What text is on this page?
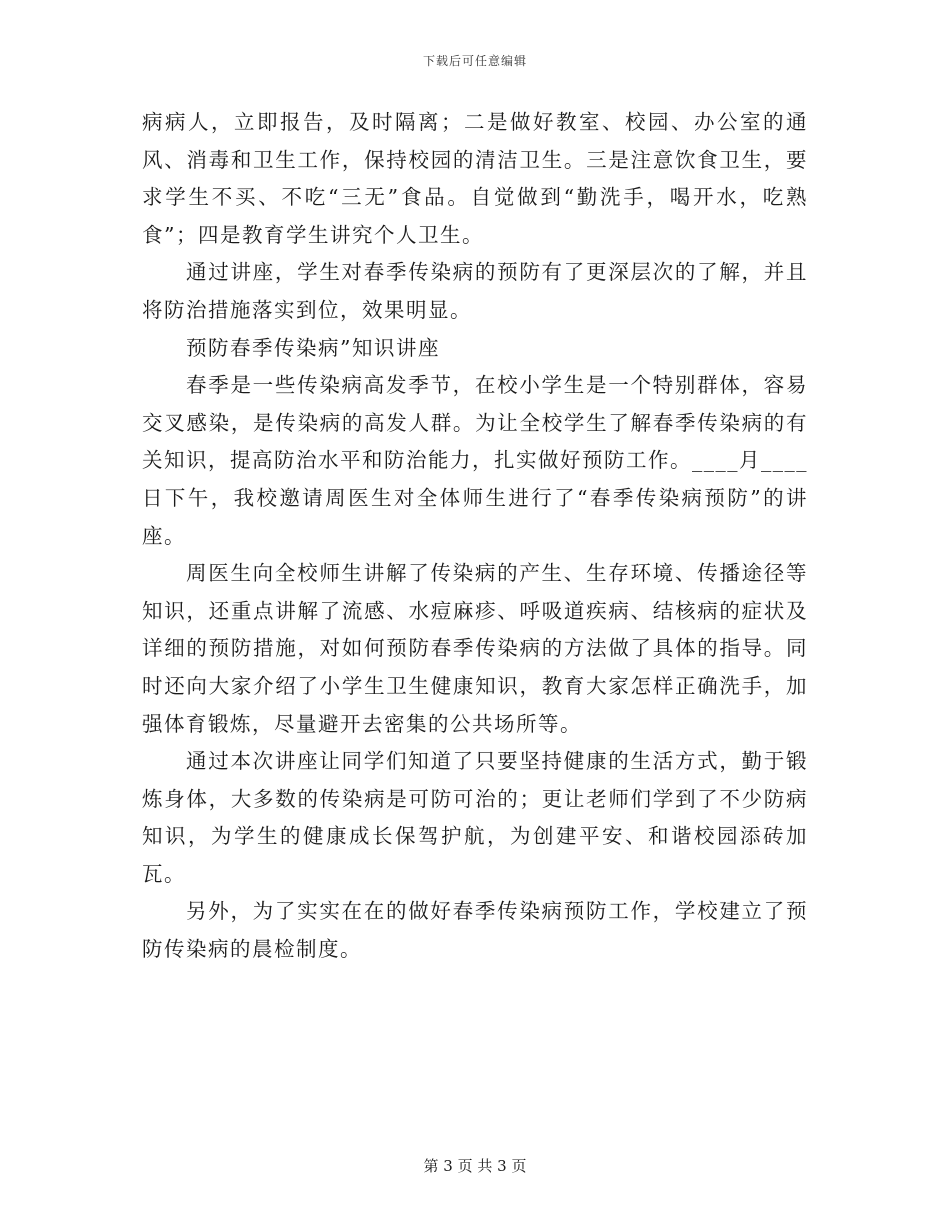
下载后可任意编辑

病病人，立即报告，及时隔离；二是做好教室、校园、办公室的通风、消毒和卫生工作，保持校园的清洁卫生。三是注意饮食卫生，要求学生不买、不吃“三无”食品。自觉做到“勤洗手，喝开水，吃熟食”；四是教育学生讲究个人卫生。

通过讲座，学生对春季传染病的预防有了更深层次的了解，并且将防治措施落实到位，效果明显。

预防春季传染病”知识讲座

春季是一些传染病高发季节，在校小学生是一个特别群体，容易交叉感染，是传染病的高发人群。为让全校学生了解春季传染病的有关知识，提高防治水平和防治能力，扎实做好预防工作。____月____日下午，我校邀请周医生对全体师生进行了“春季传染病预防”的讲座。

周医生向全校师生讲解了传染病的产生、生存环境、传播途径等知识，还重点讲解了流感、水痘麻疹、呼吸道疾病、结核病的症状及详细的预防措施，对如何预防春季传染病的方法做了具体的指导。同时还向大家介绍了小学生卫生健康知识，教育大家怎样正确洗手，加强体育锻炼，尽量避开去密集的公共场所等。

通过本次讲座让同学们知道了只要坚持健康的生活方式，勤于锻炼身体，大多数的传染病是可防可治的；更让老师们学到了不少防病知识，为学生的健康成长保驾护航，为创建平安、和谐校园添砖加瓦。

另外，为了实实在在的做好春季传染病预防工作，学校建立了预防传染病的晨检制度。

第 3 页 共 3 页
